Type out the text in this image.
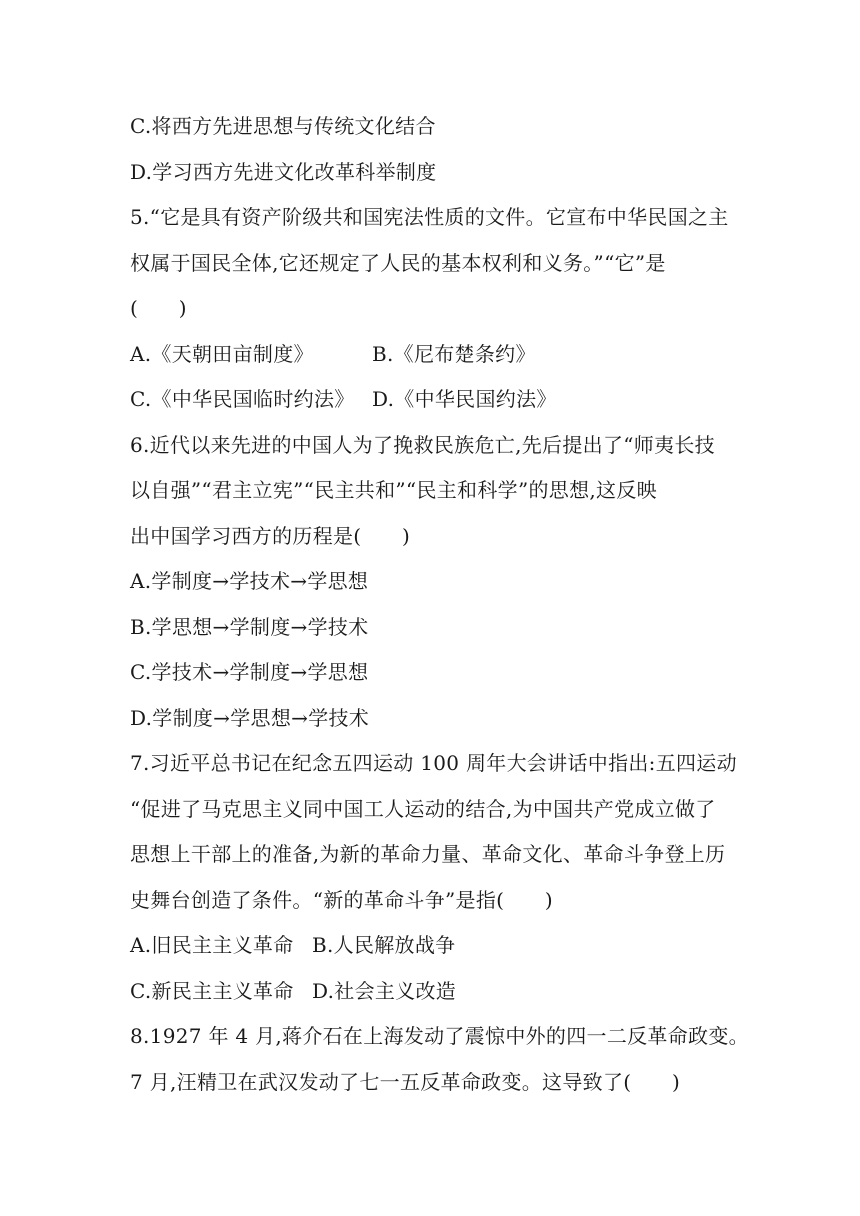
C.将西方先进思想与传统文化结合
D.学习西方先进文化改革科举制度
5.“它是具有资产阶级共和国宪法性质的文件。它宣布中华民国之主
权属于国民全体,它还规定了人民的基本权利和义务。”“它”是
(　　)
A.《天朝田亩制度》	B.《尼布楚条约》
C.《中华民国临时约法》 D.《中华民国约法》
6.近代以来先进的中国人为了挽救民族危亡,先后提出了“师夷长技
以自强”“君主立宪”“民主共和”“民主和科学”的思想,这反映
出中国学习西方的历程是(　　)
A.学制度→学技术→学思想
B.学思想→学制度→学技术
C.学技术→学制度→学思想
D.学制度→学思想→学技术
7.习近平总书记在纪念五四运动 100 周年大会讲话中指出:五四运动
“促进了马克思主义同中国工人运动的结合,为中国共产党成立做了
思想上干部上的准备,为新的革命力量、革命文化、革命斗争登上历
史舞台创造了条件。“新的革命斗争”是指(　　)
A.旧民主主义革命 B.人民解放战争
C.新民主主义革命 D.社会主义改造
8.1927 年 4 月,蒋介石在上海发动了震惊中外的四一二反革命政变。
7 月,汪精卫在武汉发动了七一五反革命政变。这导致了(　　)
